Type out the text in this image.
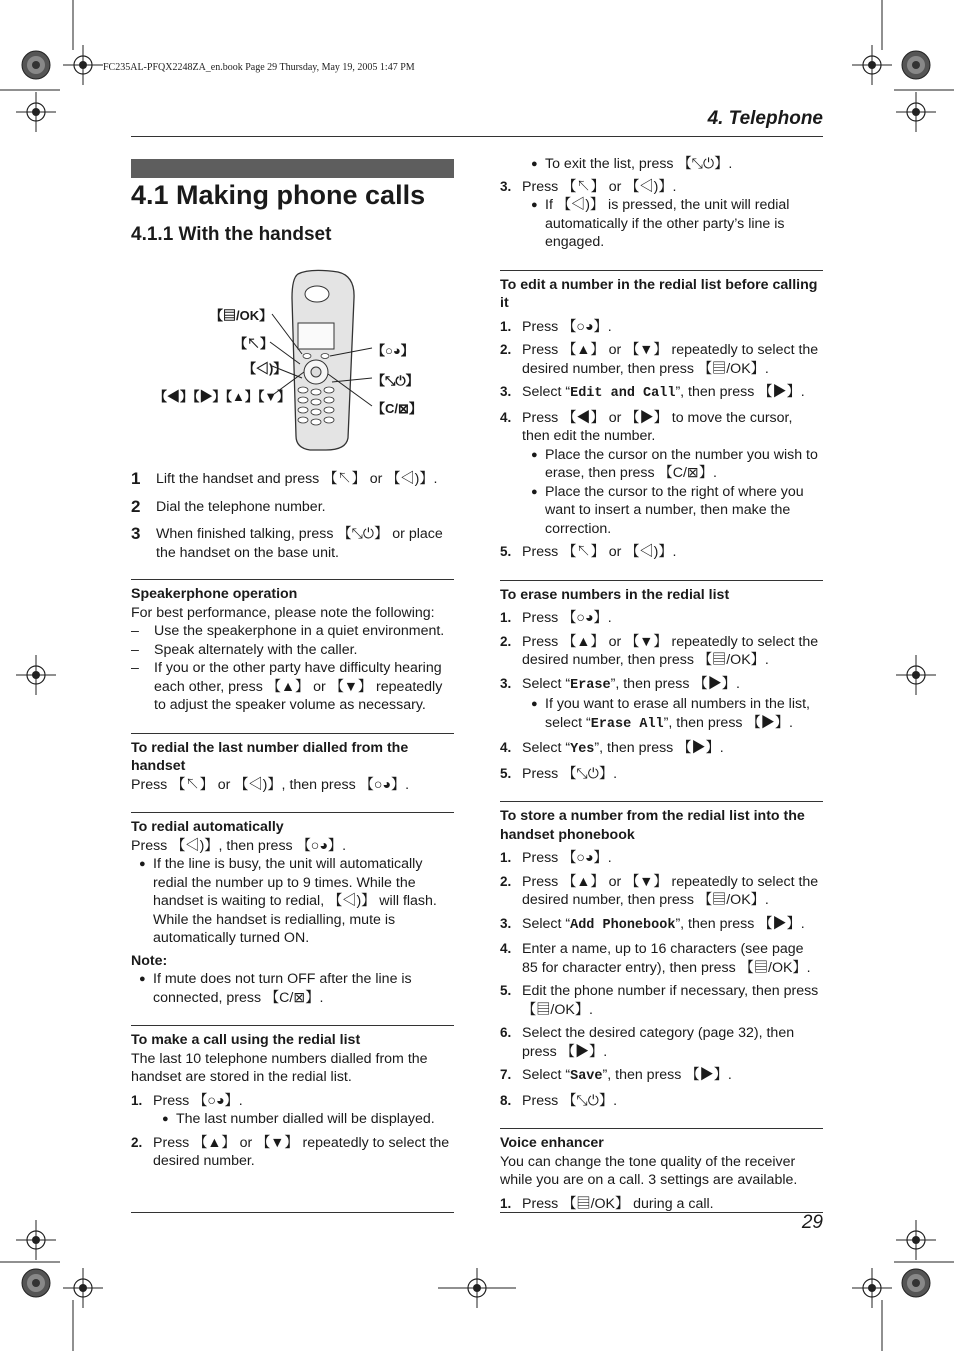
FC235AL-PFQX2248ZA_en.book Page 29 Thursday, May 19, 2005 1:47 PM
4. Telephone
4.1 Making phone calls
4.1.1 With the handset
【▤/OK】
【↖】
【◁)】
【◀】【▶】【▲】【▼】
【○◕】
【⤡⏻】
【C/⊠】
1	Lift the handset and press 【↖】 or 【◁)】.
2	Dial the telephone number.
3	When finished talking, press 【⤡⏻】 or place the handset on the base unit.

Speakerphone operation

For best performance, please note the following:

–	Use the speakerphone in a quiet environment.
–	Speak alternately with the caller.
–	If you or the other party have difficulty hearing each other, press 【▲】 or 【▼】 repeatedly to adjust the speaker volume as necessary.

To redial the last number dialled from the handset

Press 【↖】 or 【◁)】, then press 【○◕】.

To redial automatically

Press 【◁)】, then press 【○◕】.

● If the line is busy, the unit will automatically redial the number up to 9 times. While the handset is waiting to redial, 【◁)】 will flash. While the handset is redialling, mute is automatically turned ON.

Note:

● If mute does not turn OFF after the line is connected, press 【C/⊠】.

To make a call using the redial list

The last 10 telephone numbers dialled from the handset are stored in the redial list.

1. Press 【○◕】.
● The last number dialled will be displayed.
2. Press 【▲】 or 【▼】 repeatedly to select the desired number.
● To exit the list, press 【⤡⏻】.
3. Press 【↖】 or 【◁)】.
● If 【◁)】 is pressed, the unit will redial automatically if the other party’s line is engaged.

To edit a number in the redial list before calling it

1. Press 【○◕】.
2. Press 【▲】 or 【▼】 repeatedly to select the desired number, then press 【▤/OK】.
3. Select “Edit and Call”, then press 【▶】.
4. Press 【◀】 or 【▶】 to move the cursor, then edit the number.
● Place the cursor on the number you wish to erase, then press 【C/⊠】.
● Place the cursor to the right of where you want to insert a number, then make the correction.
5. Press 【↖】 or 【◁)】.

To erase numbers in the redial list

1. Press 【○◕】.
2. Press 【▲】 or 【▼】 repeatedly to select the desired number, then press 【▤/OK】.
3. Select “Erase”, then press 【▶】.
● If you want to erase all numbers in the list, select “Erase All”, then press 【▶】.
4. Select “Yes”, then press 【▶】.
5. Press 【⤡⏻】.

To store a number from the redial list into the handset phonebook

1. Press 【○◕】.
2. Press 【▲】 or 【▼】 repeatedly to select the desired number, then press 【▤/OK】.
3. Select “Add Phonebook”, then press 【▶】.
4. Enter a name, up to 16 characters (see page 85 for character entry), then press 【▤/OK】.
5. Edit the phone number if necessary, then press 【▤/OK】.
6. Select the desired category (page 32), then press 【▶】.
7. Select “Save”, then press 【▶】.
8. Press 【⤡⏻】.

Voice enhancer

You can change the tone quality of the receiver while you are on a call. 3 settings are available.

1. Press 【▤/OK】 during a call.
29
